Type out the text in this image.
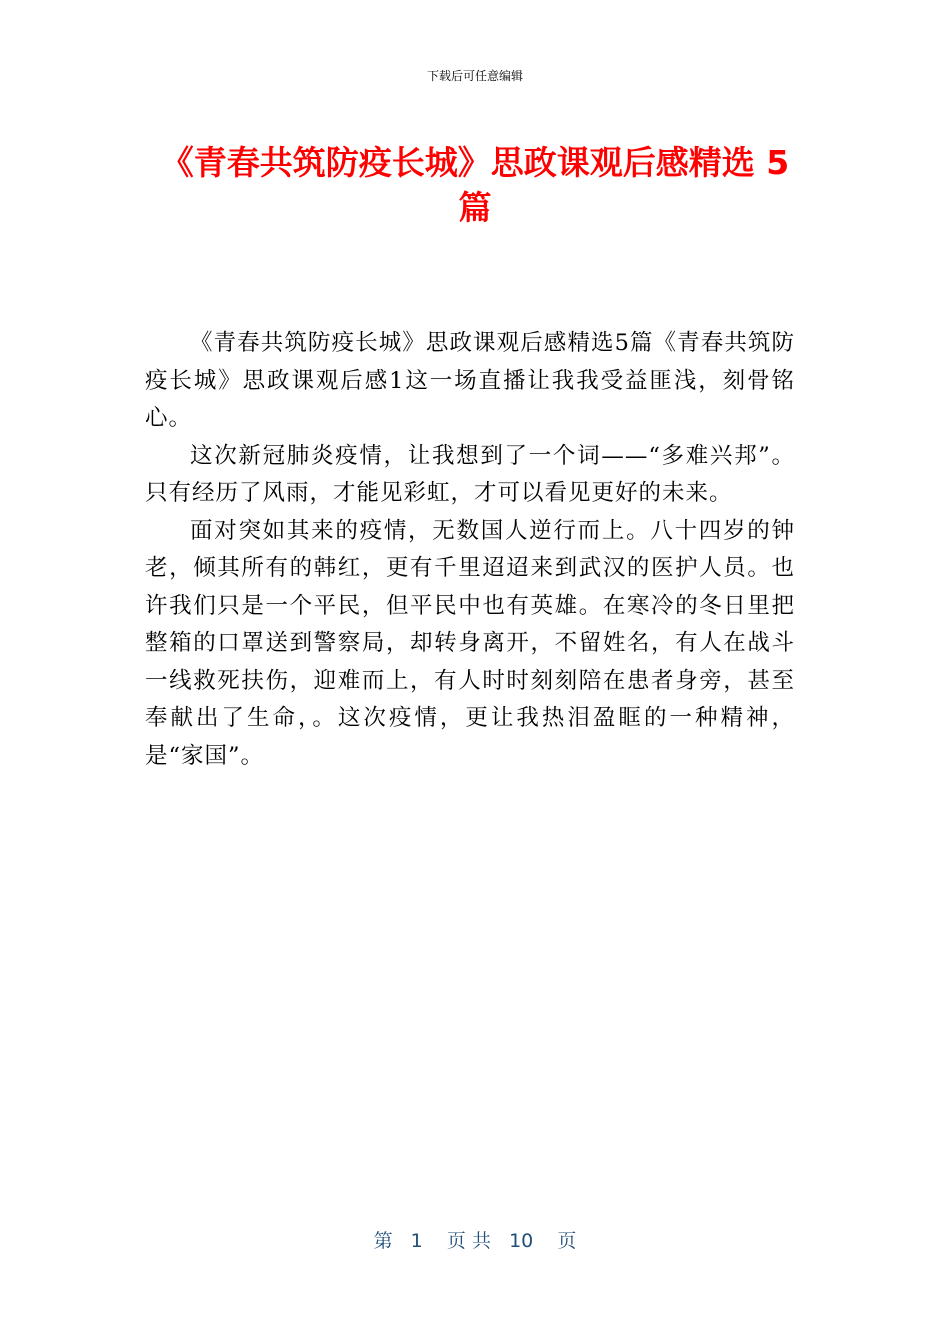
下载后可任意编辑
《青春共筑防疫长城》思政课观后感精选 5 篇

《青春共筑防疫长城》思政课观后感精选5篇《青春共筑防疫长城》思政课观后感1这一场直播让我我受益匪浅，刻骨铭心。

这次新冠肺炎疫情，让我想到了一个词——“多难兴邦”。只有经历了风雨，才能见彩虹，才可以看见更好的未来。

面对突如其来的疫情，无数国人逆行而上。八十四岁的钟老，倾其所有的韩红，更有千里迢迢来到武汉的医护人员。也许我们只是一个平民，但平民中也有英雄。在寒冷的冬日里把整箱的口罩送到警察局，却转身离开，不留姓名，有人在战斗一线救死扶伤，迎难而上，有人时时刻刻陪在患者身旁，甚至奉献出了生命，。这次疫情，更让我热泪盈眶的一种精神，是“家国”。

第   1    页 共   10    页
